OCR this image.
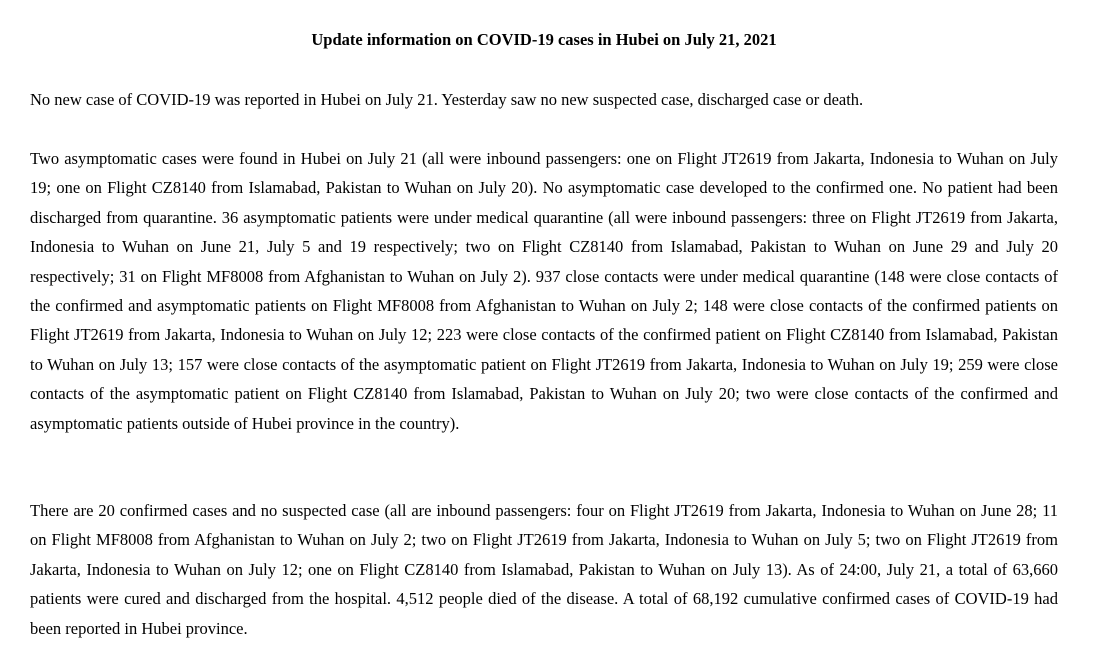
Update information on COVID-19 cases in Hubei on July 21, 2021

No new case of COVID-19 was reported in Hubei on July 21. Yesterday saw no new suspected case, discharged case or death.

Two asymptomatic cases were found in Hubei on July 21 (all were inbound passengers: one on Flight JT2619 from Jakarta, Indonesia to Wuhan on July 19; one on Flight CZ8140 from Islamabad, Pakistan to Wuhan on July 20). No asymptomatic case developed to the confirmed one. No patient had been discharged from quarantine. 36 asymptomatic patients were under medical quarantine (all were inbound passengers: three on Flight JT2619 from Jakarta, Indonesia to Wuhan on June 21, July 5 and 19 respectively; two on Flight CZ8140 from Islamabad, Pakistan to Wuhan on June 29 and July 20 respectively; 31 on Flight MF8008 from Afghanistan to Wuhan on July 2). 937 close contacts were under medical quarantine (148 were close contacts of the confirmed and asymptomatic patients on Flight MF8008 from Afghanistan to Wuhan on July 2; 148 were close contacts of the confirmed patients on Flight JT2619 from Jakarta, Indonesia to Wuhan on July 12; 223 were close contacts of the confirmed patient on Flight CZ8140 from Islamabad, Pakistan to Wuhan on July 13; 157 were close contacts of the asymptomatic patient on Flight JT2619 from Jakarta, Indonesia to Wuhan on July 19; 259 were close contacts of the asymptomatic patient on Flight CZ8140 from Islamabad, Pakistan to Wuhan on July 20; two were close contacts of the confirmed and asymptomatic patients outside of Hubei province in the country).

There are 20 confirmed cases and no suspected case (all are inbound passengers: four on Flight JT2619 from Jakarta, Indonesia to Wuhan on June 28; 11 on Flight MF8008 from Afghanistan to Wuhan on July 2; two on Flight JT2619 from Jakarta, Indonesia to Wuhan on July 5; two on Flight JT2619 from Jakarta, Indonesia to Wuhan on July 12; one on Flight CZ8140 from Islamabad, Pakistan to Wuhan on July 13). As of 24:00, July 21, a total of 63,660 patients were cured and discharged from the hospital. 4,512 people died of the disease. A total of 68,192 cumulative confirmed cases of COVID-19 had been reported in Hubei province.
